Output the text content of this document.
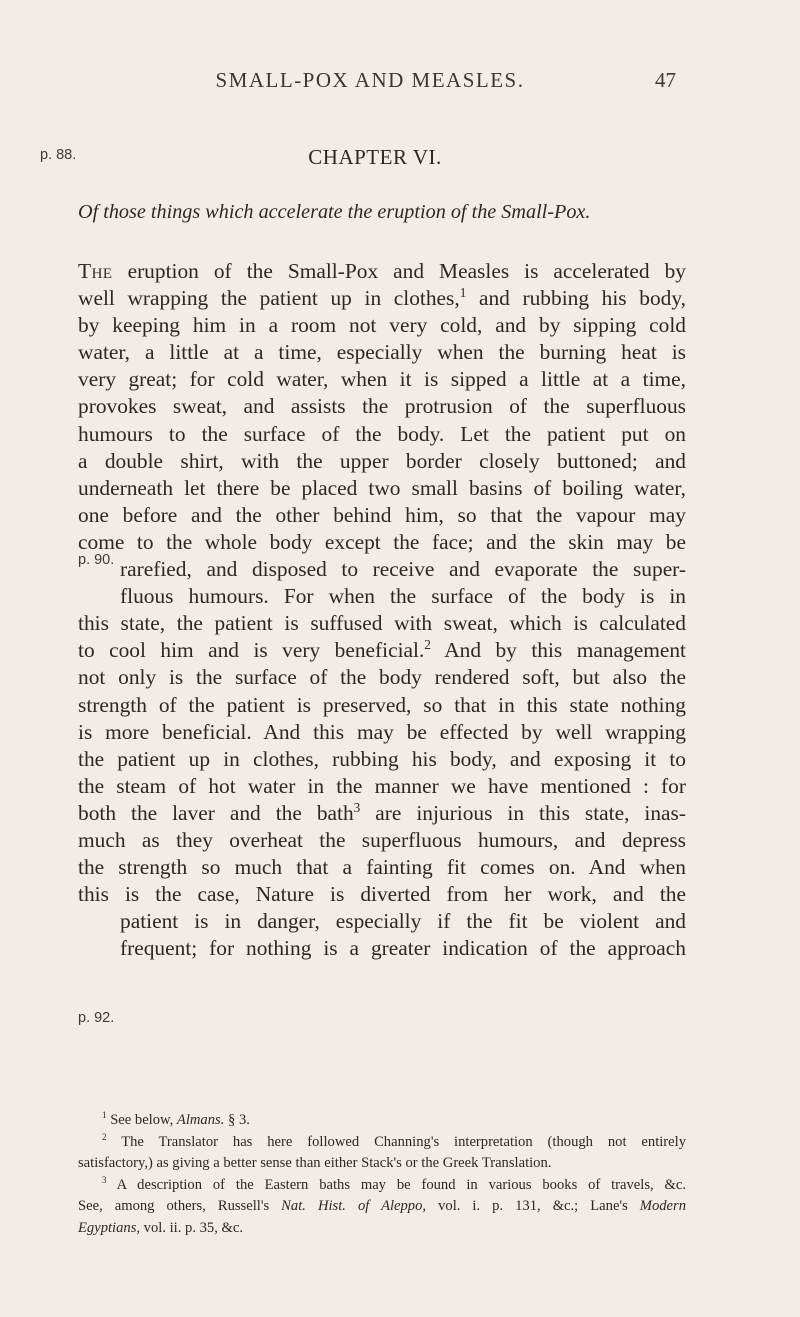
SMALL-POX AND MEASLES.	47
p. 88.
p. 90.
p. 92.
CHAPTER VI.
Of those things which accelerate the eruption of the Small-Pox.
The eruption of the Small-Pox and Measles is accelerated by
well wrapping the patient up in clothes,$^1$ and rubbing his body,
by keeping him in a room not very cold, and by sipping cold
water, a little at a time, especially when the burning heat is
very great; for cold water, when it is sipped a little at a time,
provokes sweat, and assists the protrusion of the superfluous
humours to the surface of the body. Let the patient put on
a double shirt, with the upper border closely buttoned; and
underneath let there be placed two small basins of boiling water,
one before and the other behind him, so that the vapour may
come to the whole body except the face; and the skin may be
rarefied, and disposed to receive and evaporate the super-
fluous humours. For when the surface of the body is in
this state, the patient is suffused with sweat, which is calculated
to cool him and is very beneficial.$^2$ And by this management
not only is the surface of the body rendered soft, but also the
strength of the patient is preserved, so that in this state nothing
is more beneficial. And this may be effected by well wrapping
the patient up in clothes, rubbing his body, and exposing it to
the steam of hot water in the manner we have mentioned : for
both the laver and the bath$^3$ are injurious in this state, inas-
much as they overheat the superfluous humours, and depress
the strength so much that a fainting fit comes on. And when
this is the case, Nature is diverted from her work, and the
patient is in danger, especially if the fit be violent and
frequent; for nothing is a greater indication of the approach
$^1$ See below, Almans. § 3.
$^2$ The Translator has here followed Channing's interpretation (though not entirely
satisfactory,) as giving a better sense than either Stack's or the Greek Translation.
$^3$ A description of the Eastern baths may be found in various books of travels, &c.
See, among others, Russell's Nat. Hist. of Aleppo, vol. i. p. 131, &c.; Lane's Modern
Egyptians, vol. ii. p. 35, &c.
